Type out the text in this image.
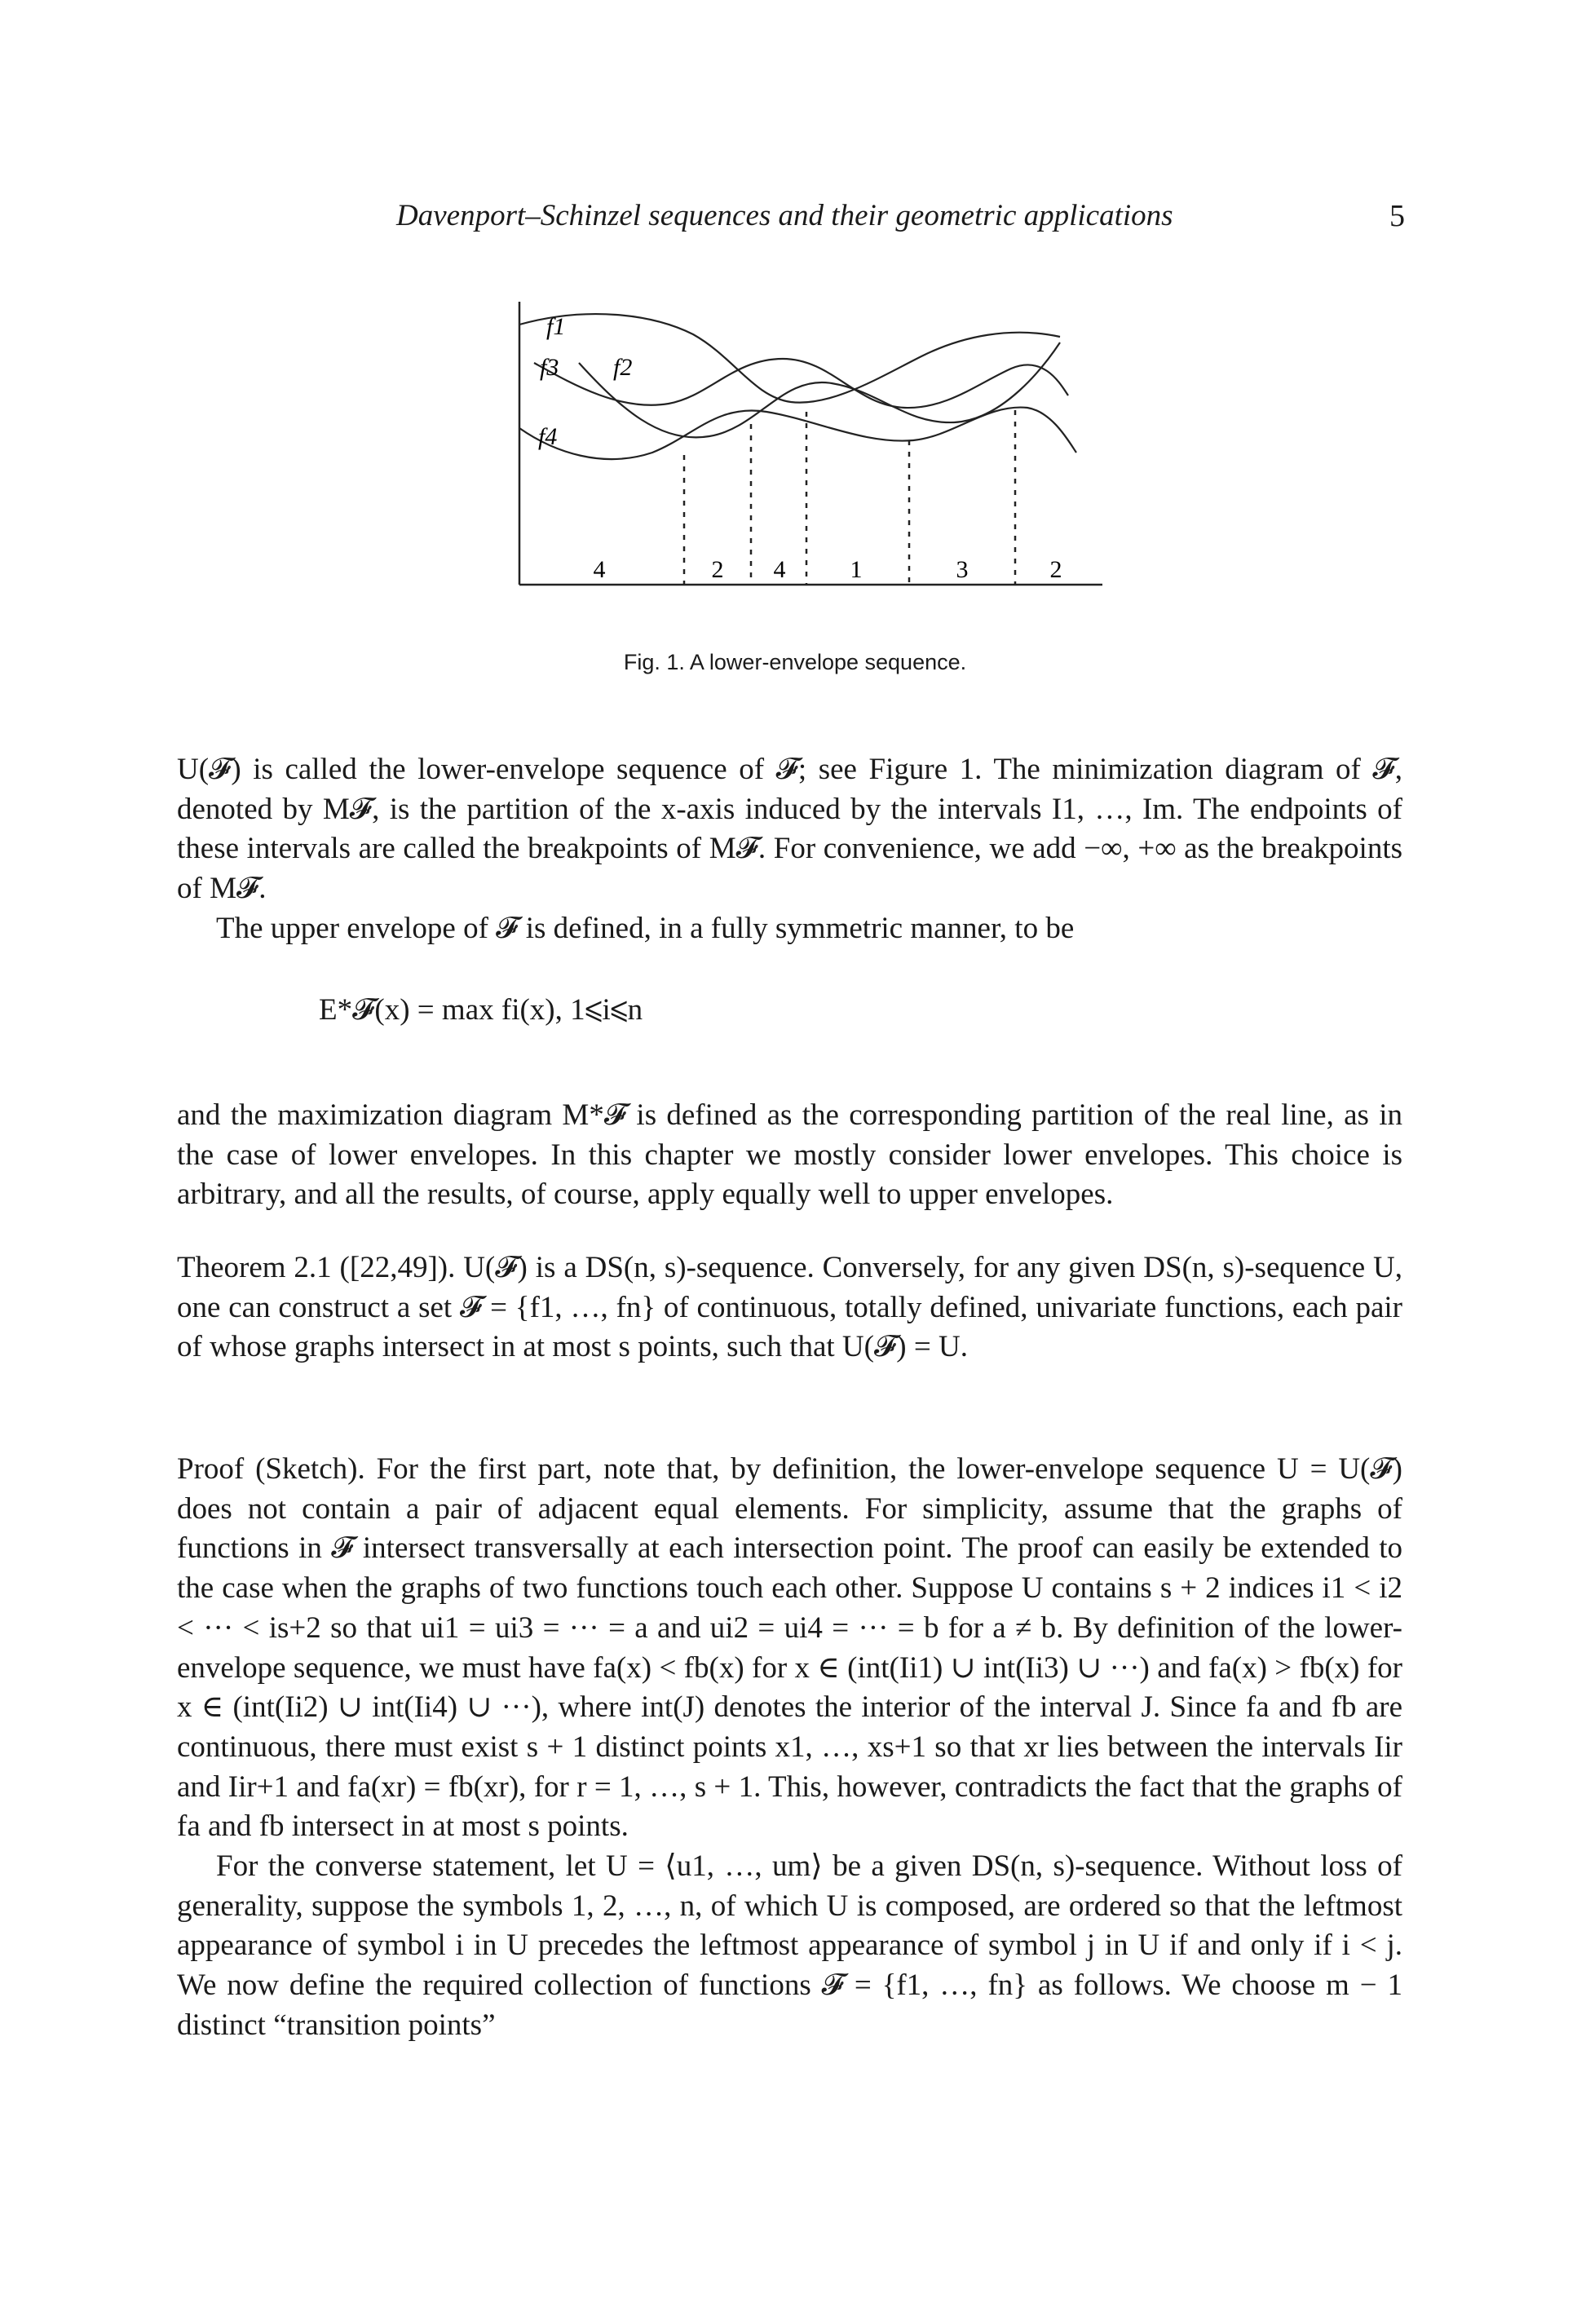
Davenport–Schinzel sequences and their geometric applications	5
f1
f3 f2
f4
4	2 4	1	3	2
Fig. 1. A lower-envelope sequence.

U(𝓕) is called the lower-envelope sequence of 𝓕; see Figure 1. The minimization diagram of 𝓕, denoted by M𝓕, is the partition of the x-axis induced by the intervals I1, …, Im. The endpoints of these intervals are called the breakpoints of M𝓕. For convenience, we add −∞, +∞ as the breakpoints of M𝓕.

The upper envelope of 𝓕 is defined, in a fully symmetric manner, to be

E*𝓕(x) = max fi(x), 1⩽i⩽n

and the maximization diagram M*𝓕 is defined as the corresponding partition of the real line, as in the case of lower envelopes. In this chapter we mostly consider lower envelopes. This choice is arbitrary, and all the results, of course, apply equally well to upper envelopes.

Theorem 2.1 ([22,49]). U(𝓕) is a DS(n, s)-sequence. Conversely, for any given DS(n, s)-sequence U, one can construct a set 𝓕 = {f1, …, fn} of continuous, totally defined, univariate functions, each pair of whose graphs intersect in at most s points, such that U(𝓕) = U.

Proof (Sketch). For the first part, note that, by definition, the lower-envelope sequence U = U(𝓕) does not contain a pair of adjacent equal elements. For simplicity, assume that the graphs of functions in 𝓕 intersect transversally at each intersection point. The proof can easily be extended to the case when the graphs of two functions touch each other. Suppose U contains s + 2 indices i1 < i2 < ··· < is+2 so that ui1 = ui3 = ··· = a and ui2 = ui4 = ··· = b for a ≠ b. By definition of the lower-envelope sequence, we must have fa(x) < fb(x) for x ∈ (int(Ii1) ∪ int(Ii3) ∪ ···) and fa(x) > fb(x) for x ∈ (int(Ii2) ∪ int(Ii4) ∪ ···), where int(J) denotes the interior of the interval J. Since fa and fb are continuous, there must exist s + 1 distinct points x1, …, xs+1 so that xr lies between the intervals Iir and Iir+1 and fa(xr) = fb(xr), for r = 1, …, s + 1. This, however, contradicts the fact that the graphs of fa and fb intersect in at most s points.

For the converse statement, let U = ⟨u1, …, um⟩ be a given DS(n, s)-sequence. Without loss of generality, suppose the symbols 1, 2, …, n, of which U is composed, are ordered so that the leftmost appearance of symbol i in U precedes the leftmost appearance of symbol j in U if and only if i < j. We now define the required collection of functions 𝓕 = {f1, …, fn} as follows. We choose m − 1 distinct “transition points”
